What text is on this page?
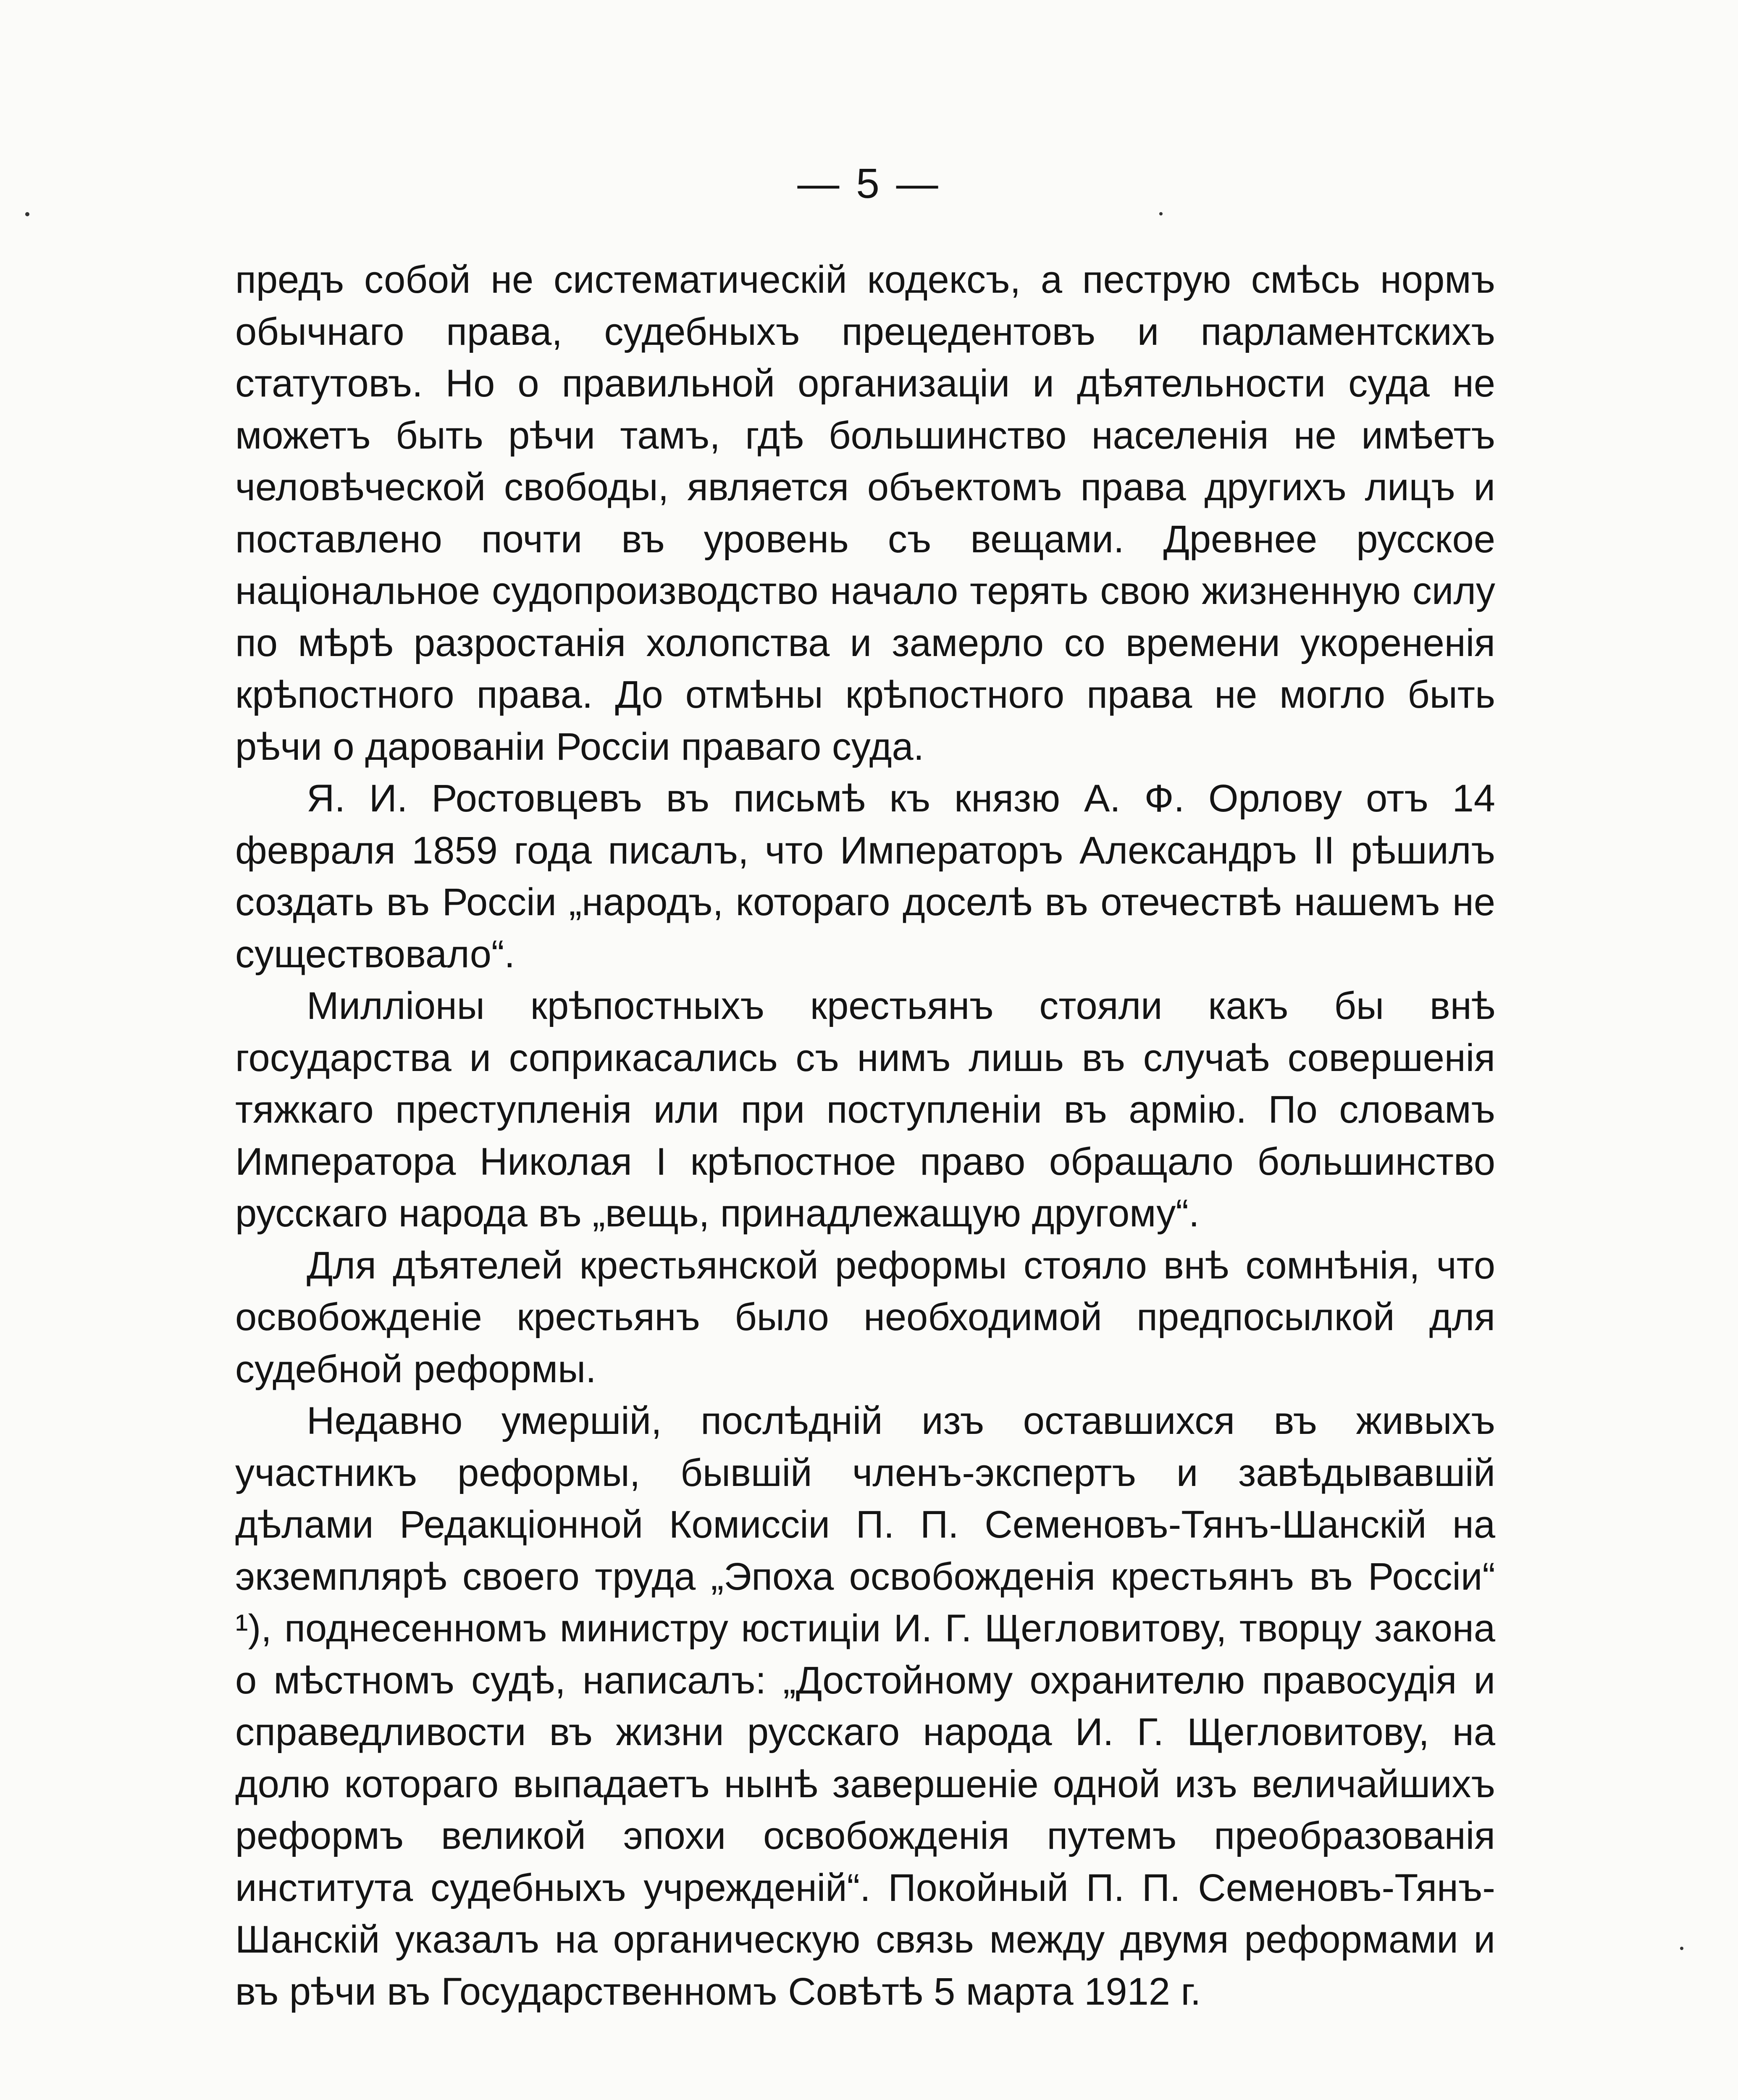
— 5 —

предъ собой не систематическій кодексъ, а пеструю смѣсь нормъ обычнаго права, судебныхъ прецедентовъ и парламентскихъ статутовъ. Но о правильной организаціи и дѣятельности суда не можетъ быть рѣчи тамъ, гдѣ большинство населенія не имѣетъ человѣческой свободы, является объектомъ права другихъ лицъ и поставлено почти въ уровень съ вещами. Древнее русское національное судопроизводство начало терять свою жизненную силу по мѣрѣ разростанія холопства и замерло со времени укорененія крѣпостного права. До отмѣны крѣпостного права не могло быть рѣчи о дарованіи Россіи праваго суда.

Я. И. Ростовцевъ въ письмѣ къ князю А. Ф. Орлову отъ 14 февраля 1859 года писалъ, что Императоръ Александръ II рѣшилъ создать въ Россіи „народъ, котораго доселѣ въ отечествѣ нашемъ не существовало“.

Милліоны крѣпостныхъ крестьянъ стояли какъ бы внѣ государства и соприкасались съ нимъ лишь въ случаѣ совершенія тяжкаго преступленія или при поступленіи въ армію. По словамъ Императора Николая I крѣпостное право обращало большинство русскаго народа въ „вещь, принадлежащую другому“.

Для дѣятелей крестьянской реформы стояло внѣ сомнѣнія, что освобожденіе крестьянъ было необходимой предпосылкой для судебной реформы.

Недавно умершій, послѣдній изъ оставшихся въ живыхъ участникъ реформы, бывшій членъ-экспертъ и завѣдывавшій дѣлами Редакціонной Комиссіи П. П. Семеновъ-Тянъ-Шанскій на экземплярѣ своего труда „Эпоха освобожденія крестьянъ въ Россіи“ ¹), поднесенномъ министру юстиціи И. Г. Щегловитову, творцу закона о мѣстномъ судѣ, написалъ: „Достойному охранителю правосудія и справедливости въ жизни русскаго народа И. Г. Щегловитову, на долю котораго выпадаетъ нынѣ завершеніе одной изъ величайшихъ реформъ великой эпохи освобожденія путемъ преобразованія института судебныхъ учрежденій“. Покойный П. П. Семеновъ-Тянъ-Шанскій указалъ на органическую связь между двумя реформами и въ рѣчи въ Государственномъ Совѣтѣ 5 марта 1912 г.
